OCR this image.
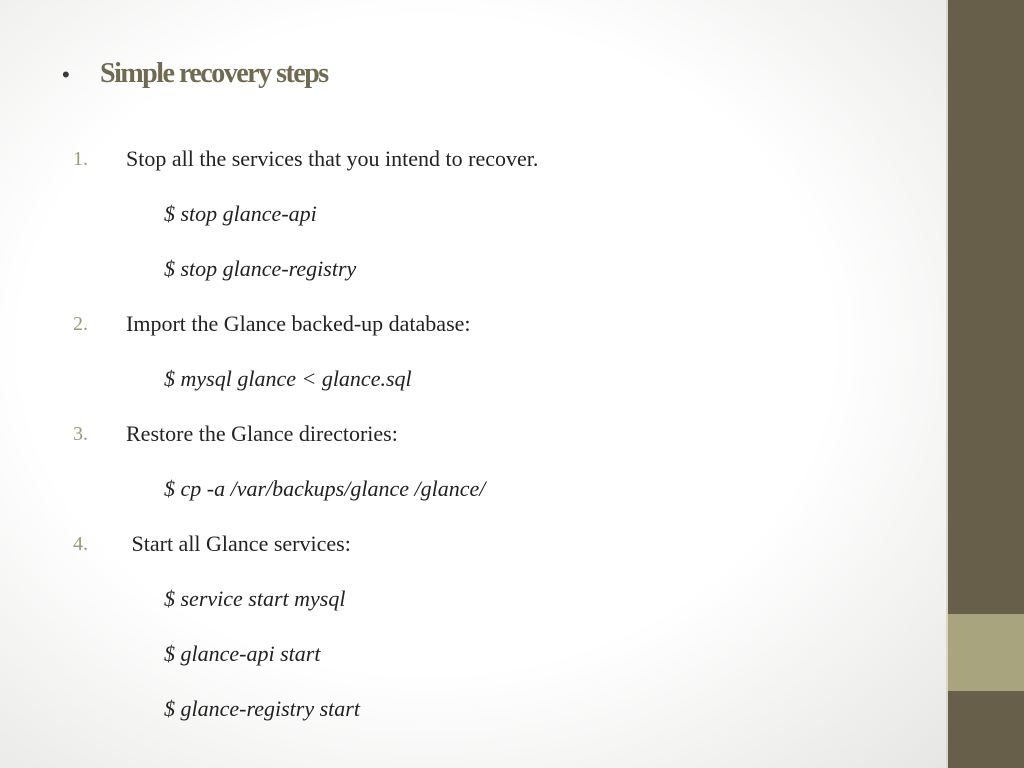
•	Simple recovery steps
1. Stop all the services that you intend to recover.
$ stop glance-api
$ stop glance-registry
2. Import the Glance backed-up database:
$ mysql glance < glance.sql
3. Restore the Glance directories:
$ cp -a /var/backups/glance /glance/
4. Start all Glance services:
$ service start mysql
$ glance-api start
$ glance-registry start
